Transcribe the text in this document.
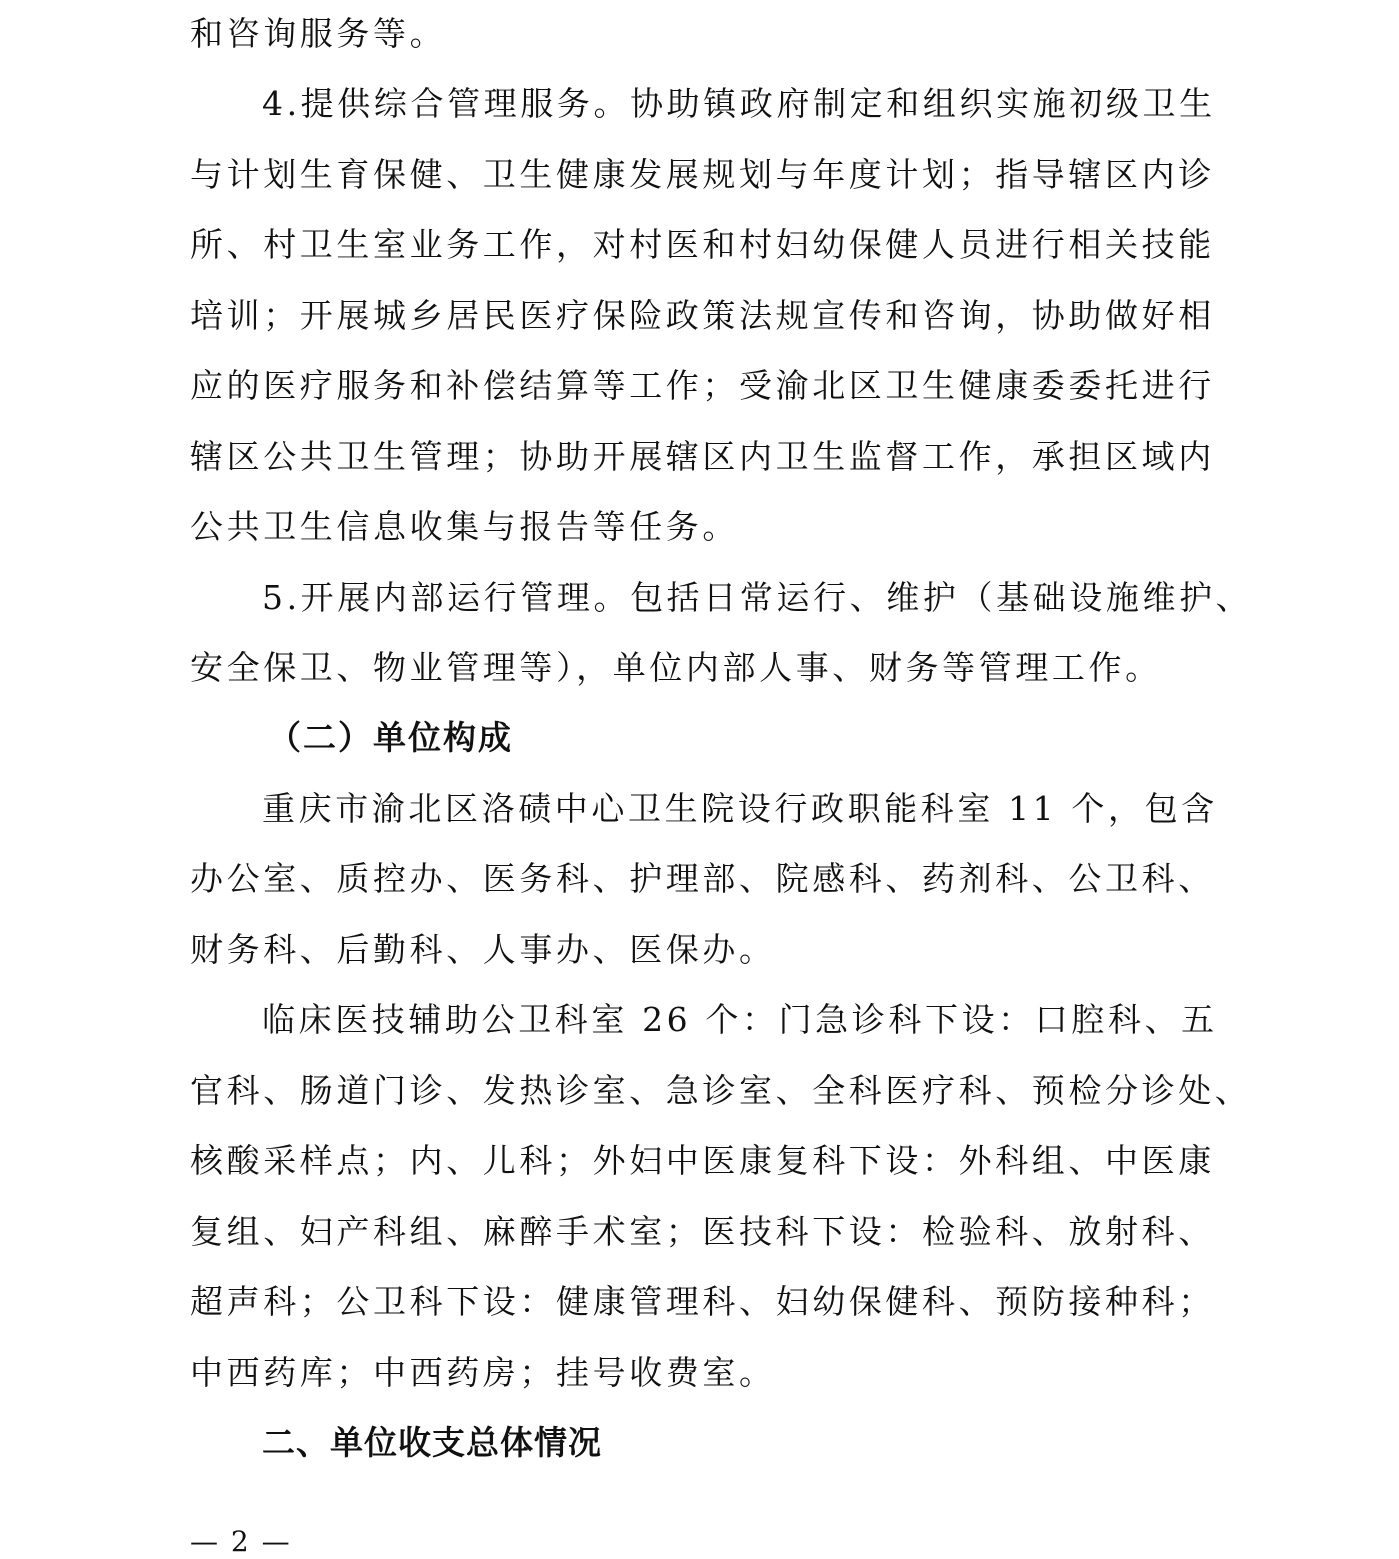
和咨询服务等。
4.提供综合管理服务。协助镇政府制定和组织实施初级卫生
与计划生育保健、卫生健康发展规划与年度计划；指导辖区内诊
所、村卫生室业务工作，对村医和村妇幼保健人员进行相关技能
培训；开展城乡居民医疗保险政策法规宣传和咨询，协助做好相
应的医疗服务和补偿结算等工作；受渝北区卫生健康委委托进行
辖区公共卫生管理；协助开展辖区内卫生监督工作，承担区域内
公共卫生信息收集与报告等任务。
5.开展内部运行管理。包括日常运行、维护（基础设施维护、
安全保卫、物业管理等），单位内部人事、财务等管理工作。
（二）单位构成
重庆市渝北区洛碛中心卫生院设行政职能科室 11 个，包含
办公室、质控办、医务科、护理部、院感科、药剂科、公卫科、
财务科、后勤科、人事办、医保办。
临床医技辅助公卫科室 26 个：门急诊科下设：口腔科、五
官科、肠道门诊、发热诊室、急诊室、全科医疗科、预检分诊处、
核酸采样点；内、儿科；外妇中医康复科下设：外科组、中医康
复组、妇产科组、麻醉手术室；医技科下设：检验科、放射科、
超声科；公卫科下设：健康管理科、妇幼保健科、预防接种科；
中西药库；中西药房；挂号收费室。
二、单位收支总体情况
— 2 —
